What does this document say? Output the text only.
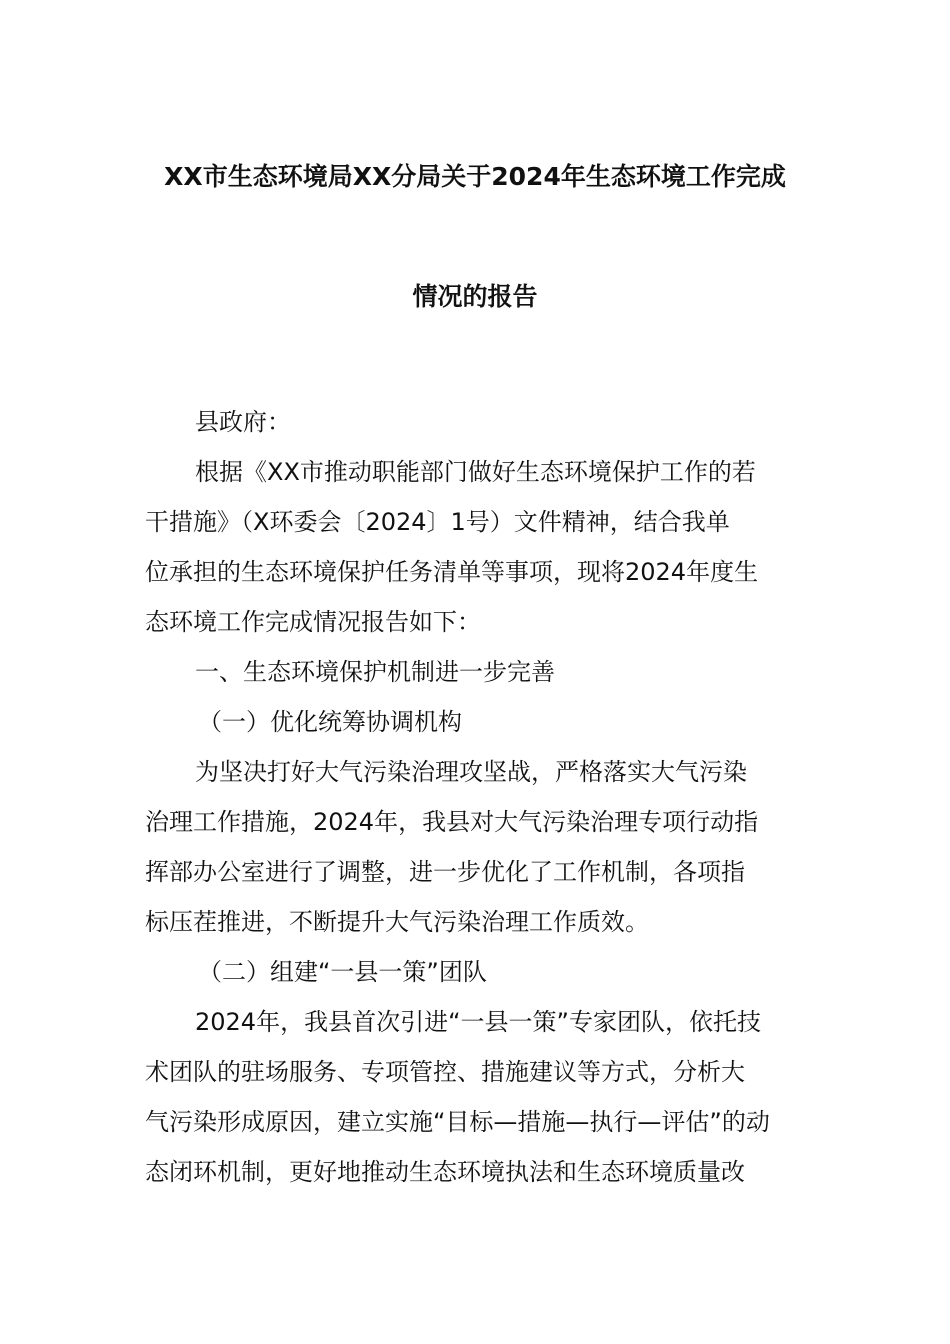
XX市生态环境局XX分局关于2024年生态环境工作完成
情况的报告
县政府：
根据《XX市推动职能部门做好生态环境保护工作的若
干措施》（X环委会〔2024〕1号）文件精神，结合我单
位承担的生态环境保护任务清单等事项，现将2024年度生
态环境工作完成情况报告如下：
一、生态环境保护机制进一步完善
（一）优化统筹协调机构
为坚决打好大气污染治理攻坚战，严格落实大气污染
治理工作措施，2024年，我县对大气污染治理专项行动指
挥部办公室进行了调整，进一步优化了工作机制，各项指
标压茬推进，不断提升大气污染治理工作质效。
（二）组建“一县一策”团队
2024年，我县首次引进“一县一策”专家团队，依托技
术团队的驻场服务、专项管控、措施建议等方式，分析大
气污染形成原因，建立实施“目标—措施—执行—评估”的动
态闭环机制，更好地推动生态环境执法和生态环境质量改
